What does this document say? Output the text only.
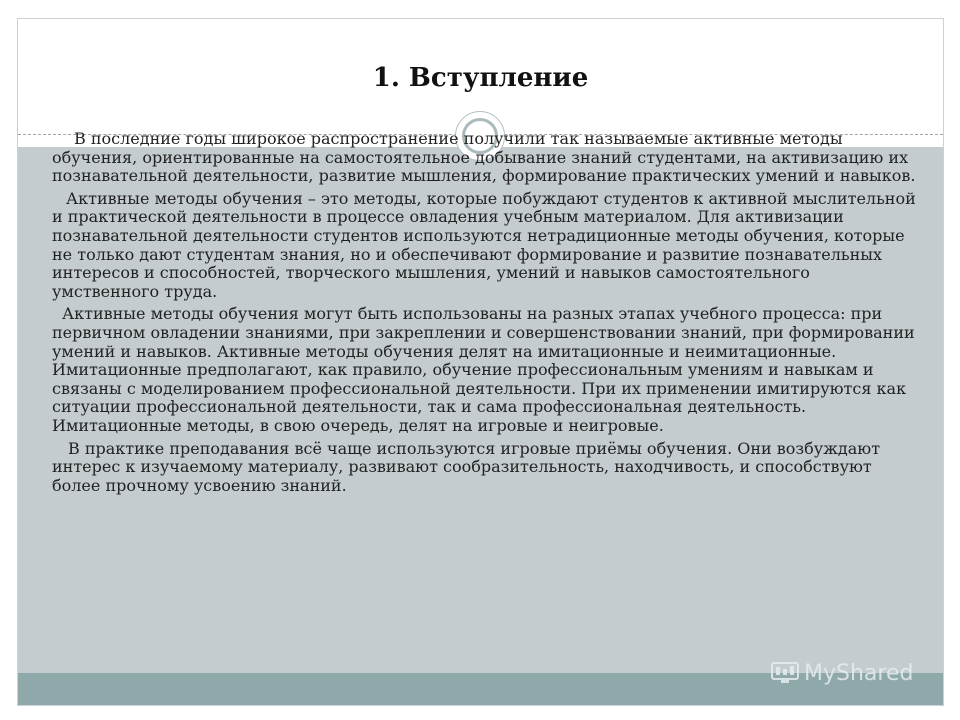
1. Вступление

В последние годы широкое распространение получили так называемые активные методы обучения, ориентированные на самостоятельное добывание знаний студентами, на активизацию их познавательной деятельности, развитие мышления, формирование практических умений и навыков.

Активные методы обучения – это методы, которые побуждают студентов к активной мыслительной и практической деятельности в процессе овладения учебным материалом. Для активизации познавательной деятельности студентов используются нетрадиционные методы обучения, которые не только дают студентам знания, но и обеспечивают формирование и развитие познавательных интересов и способностей, творческого мышления, умений и навыков самостоятельного умственного труда.

Активные методы обучения могут быть использованы на разных этапах учебного процесса: при первичном овладении знаниями, при закреплении и совершенствовании знаний, при формировании умений и навыков. Активные методы обучения делят на имитационные и неимитационные. Имитационные предполагают, как правило, обучение профессиональным умениям и навыкам и связаны с моделированием профессиональной деятельности. При их применении имитируются как ситуации профессиональной деятельности, так и сама профессиональная деятельность. Имитационные методы, в свою очередь, делят на игровые и неигровые.

В практике преподавания всё чаще используются игровые приёмы обучения. Они возбуждают интерес к изучаемому материалу, развивают сообразительность, находчивость, и способствуют более прочному усвоению знаний.

MyShared
